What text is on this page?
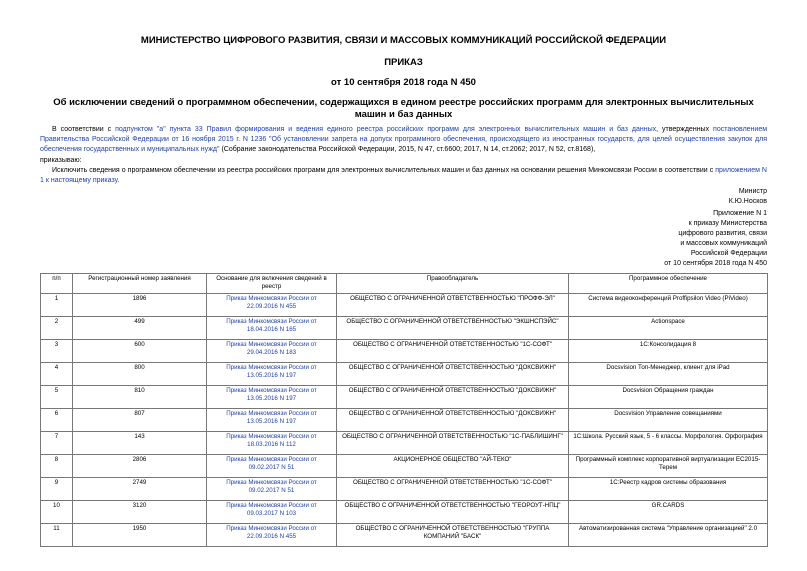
МИНИСТЕРСТВО ЦИФРОВОГО РАЗВИТИЯ, СВЯЗИ И МАССОВЫХ КОММУНИКАЦИЙ РОССИЙСКОЙ ФЕДЕРАЦИИ
ПРИКАЗ
от 10 сентября 2018 года N 450
Об исключении сведений о программном обеспечении, содержащихся в едином реестре российских программ для электронных вычислительных машин и баз данных
В соответствии с подпунктом "а" пункта 33 Правил формирования и ведения единого реестра российских программ для электронных вычислительных машин и баз данных, утвержденных постановлением Правительства Российской Федерации от 16 ноября 2015 г. N 1236 "Об установлении запрета на допуск программного обеспечения, происходящего из иностранных государств, для целей осуществления закупок для обеспечения государственных и муниципальных нужд" (Собрание законодательства Российской Федерации, 2015, N 47, ст.6600; 2017, N 14, ст.2062; 2017, N 52, ст.8168),
приказываю:
Исключить сведения о программном обеспечении из реестра российских программ для электронных вычислительных машин и баз данных на основании решения Минкомсвязи России в соответствии с приложением N 1 к настоящему приказу.
Министр
К.Ю.Носков
Приложение N 1
к приказу Министерства
цифрового развития, связи
и массовых коммуникаций
Российской Федерации
от 10 сентября 2018 года N 450
п/п	Регистрационный номер заявления	Основание для включения сведений в реестр	Правообладатель	Программное обеспечение
1	1896	Приказ Минкомсвязи России от 22.09.2016 N 455	ОБЩЕСТВО С ОГРАНИЧЕННОЙ ОТВЕТСТВЕННОСТЬЮ "ПРОФФ-ЭЛ"	Система видеоконференций Proffipsilon Video (PiVideo)
2	499	Приказ Минкомсвязи России от 18.04.2016 N 165	ОБЩЕСТВО С ОГРАНИЧЕННОЙ ОТВЕТСТВЕННОСТЬЮ "ЭКШНСПЭЙС"	Actionspace
3	600	Приказ Минкомсвязи России от 29.04.2016 N 183	ОБЩЕСТВО С ОГРАНИЧЕННОЙ ОТВЕТСТВЕННОСТЬЮ "1С-СОФТ"	1С:Консолидация 8
4	800	Приказ Минкомсвязи России от 13.05.2016 N 197	ОБЩЕСТВО С ОГРАНИЧЕННОЙ ОТВЕТСТВЕННОСТЬЮ "ДОКСВИЖН"	Docsvision Топ-Менеджер, клиент для iPad
5	810	Приказ Минкомсвязи России от 13.05.2016 N 197	ОБЩЕСТВО С ОГРАНИЧЕННОЙ ОТВЕТСТВЕННОСТЬЮ "ДОКСВИЖН"	Docsvision Обращения граждан
6	807	Приказ Минкомсвязи России от 13.05.2016 N 197	ОБЩЕСТВО С ОГРАНИЧЕННОЙ ОТВЕТСТВЕННОСТЬЮ "ДОКСВИЖН"	Docsvision Управление совещаниями
7	143	Приказ Минкомсвязи России от 18.03.2016 N 112	ОБЩЕСТВО С ОГРАНИЧЕННОЙ ОТВЕТСТВЕННОСТЬЮ "1С-ПАБЛИШИНГ"	1С:Школа. Русский язык, 5 - 6 классы. Морфология. Орфография
8	2806	Приказ Минкомсвязи России от 09.02.2017 N 51	АКЦИОНЕРНОЕ ОБЩЕСТВО "АЙ-ТЕКО"	Программный комплекс корпоративной виртуализации ЕС2015-Терем
9	2749	Приказ Минкомсвязи России от 09.02.2017 N 51	ОБЩЕСТВО С ОГРАНИЧЕННОЙ ОТВЕТСТВЕННОСТЬЮ "1С-СОФТ"	1С:Реестр кадров системы образования
10	3120	Приказ Минкомсвязи России от 09.03.2017 N 103	ОБЩЕСТВО С ОГРАНИЧЕННОЙ ОТВЕТСТВЕННОСТЬЮ "ГЕОРОУТ-НПЦ"	GR.CARDS
11	1950	Приказ Минкомсвязи России от 22.09.2016 N 455	ОБЩЕСТВО С ОГРАНИЧЕННОЙ ОТВЕТСТВЕННОСТЬЮ "ГРУППА КОМПАНИЙ "БАСК"	Автоматизированная система "Управление организацией" 2.0
